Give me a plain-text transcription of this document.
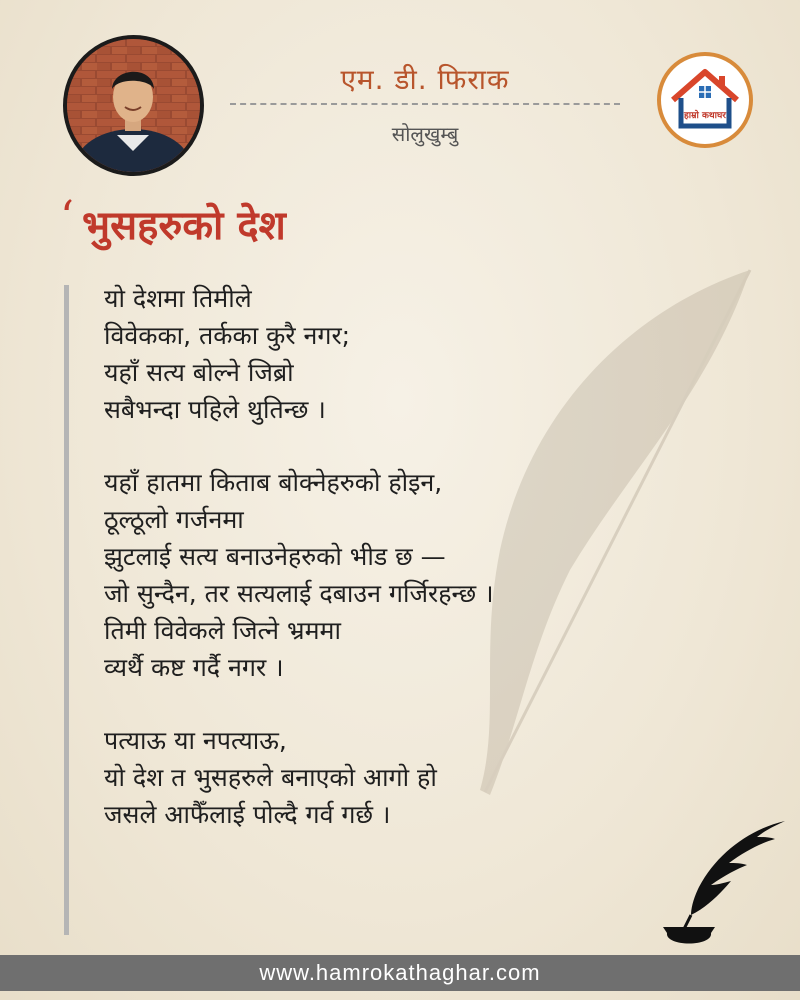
एम. डी. फिराक
सोलुखुम्बु
हाम्रो कथाघर
‘ भुसहरुको देश
यो देशमा तिमीले
विवेकका, तर्कका कुरै नगर;
यहाँ सत्य बोल्ने जिब्रो
सबैभन्दा पहिले थुतिन्छ ।
यहाँ हातमा किताब बोक्नेहरुको होइन,
ठूल्ठूलो गर्जनमा
झुटलाई सत्य बनाउनेहरुको भीड छ —
जो सुन्दैन, तर सत्यलाई दबाउन गर्जिरहन्छ ।
तिमी विवेकले जित्ने भ्रममा
व्यर्थै कष्ट गर्दै नगर ।
पत्याऊ या नपत्याऊ,
यो देश त भुसहरुले बनाएको आगो हो
जसले आफैँलाई पोल्दै गर्व गर्छ ।
www.hamrokathaghar.com
